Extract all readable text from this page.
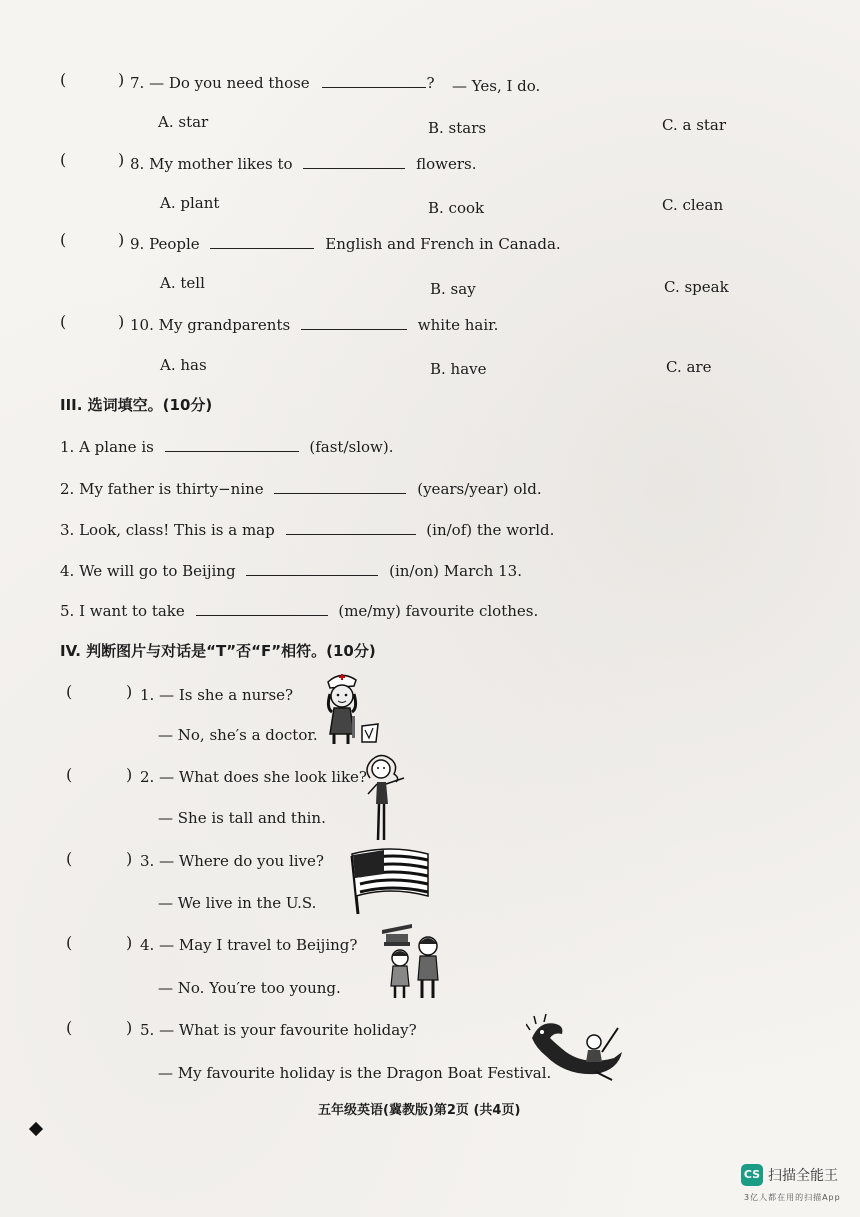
(	) 7. — Do you need those	? — Yes, I do.
A. star	B. stars	C. a star
(	) 8. My mother likes to	flowers.
A. plant	B. cook	C. clean
(	) 9. People	English and French in Canada.
A. tell	B. say	C. speak
(	) 10. My grandparents	white hair.
A. has	B. have	C. are
III. 选词填空。(10分)
1. A plane is	(fast/slow).
2. My father is thirty−nine	(years/year) old.
3. Look, class! This is a map	(in/of) the world.
4. We will go to Beijing	(in/on) March 13.
5. I want to take	(me/my) favourite clothes.
IV. 判断图片与对话是“T”否“F”相符。(10分)
(	) 1. — Is she a nurse?
— No, she′s a doctor.
(	) 2. — What does she look like?
— She is tall and thin.
(	) 3. — Where do you live?
— We live in the U.S.
(	) 4. — May I travel to Beijing?
— No. You′re too young.
(	) 5. — What is your favourite holiday?
— My favourite holiday is the Dragon Boat Festival.
五年级英语(冀教版)第2页 (共4页)
CS 扫描全能王
3亿人都在用的扫描App
